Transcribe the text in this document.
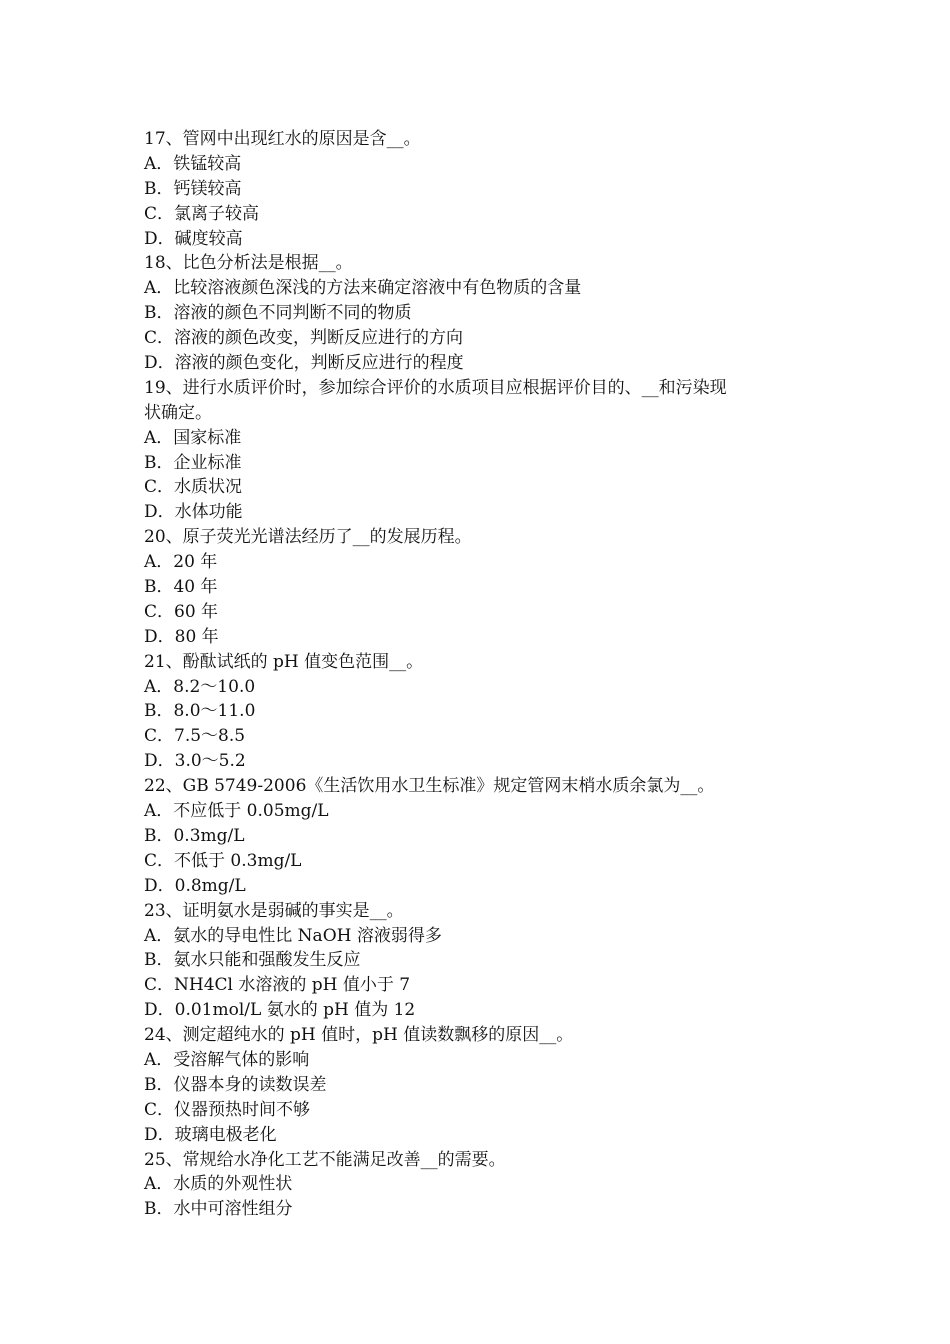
17、管网中出现红水的原因是含__。
A．铁锰较高
B．钙镁较高
C．氯离子较高
D．碱度较高
18、比色分析法是根据__。
A．比较溶液颜色深浅的方法来确定溶液中有色物质的含量
B．溶液的颜色不同判断不同的物质
C．溶液的颜色改变，判断反应进行的方向
D．溶液的颜色变化，判断反应进行的程度
19、进行水质评价时，参加综合评价的水质项目应根据评价目的、__和污染现
状确定。
A．国家标准
B．企业标准
C．水质状况
D．水体功能
20、原子荧光光谱法经历了__的发展历程。
A．20 年
B．40 年
C．60 年
D．80 年
21、酚酞试纸的 pH 值变色范围__。
A．8.2～10.0
B．8.0～11.0
C．7.5～8.5
D．3.0～5.2
22、GB 5749-2006《生活饮用水卫生标准》规定管网末梢水质余氯为__。
A．不应低于 0.05mg/L
B．0.3mg/L
C．不低于 0.3mg/L
D．0.8mg/L
23、证明氨水是弱碱的事实是__。
A．氨水的导电性比 NaOH 溶液弱得多
B．氨水只能和强酸发生反应
C．NH4Cl 水溶液的 pH 值小于 7
D．0.01mol/L 氨水的 pH 值为 12
24、测定超纯水的 pH 值时，pH 值读数飘移的原因__。
A．受溶解气体的影响
B．仪器本身的读数误差
C．仪器预热时间不够
D．玻璃电极老化
25、常规给水净化工艺不能满足改善__的需要。
A．水质的外观性状
B．水中可溶性组分
